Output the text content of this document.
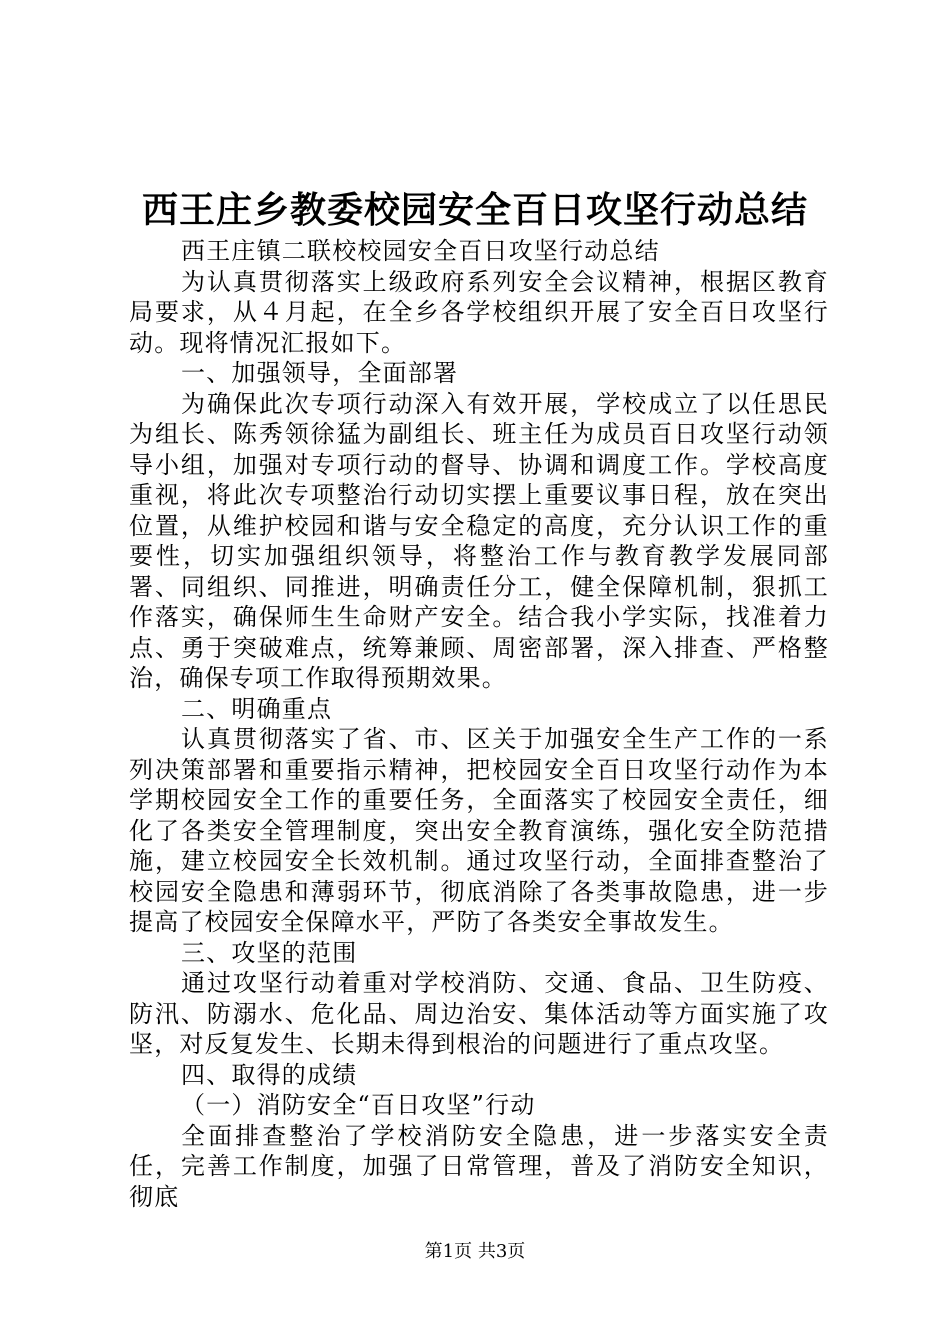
西王庄乡教委校园安全百日攻坚行动总结

西王庄镇二联校校园安全百日攻坚行动总结

为认真贯彻落实上级政府系列安全会议精神，根据区教育局要求，从４月起，在全乡各学校组织开展了安全百日攻坚行动。现将情况汇报如下。

一、加强领导，全面部署

为确保此次专项行动深入有效开展，学校成立了以任思民为组长、陈秀领徐猛为副组长、班主任为成员百日攻坚行动领导小组，加强对专项行动的督导、协调和调度工作。学校高度重视，将此次专项整治行动切实摆上重要议事日程，放在突出位置，从维护校园和谐与安全稳定的高度，充分认识工作的重要性，切实加强组织领导，将整治工作与教育教学发展同部署、同组织、同推进，明确责任分工，健全保障机制，狠抓工作落实，确保师生生命财产安全。结合我小学实际，找准着力点、勇于突破难点，统筹兼顾、周密部署，深入排查、严格整治，确保专项工作取得预期效果。

二、明确重点

认真贯彻落实了省、市、区关于加强安全生产工作的一系列决策部署和重要指示精神，把校园安全百日攻坚行动作为本学期校园安全工作的重要任务，全面落实了校园安全责任，细化了各类安全管理制度，突出安全教育演练，强化安全防范措施，建立校园安全长效机制。通过攻坚行动，全面排查整治了校园安全隐患和薄弱环节，彻底消除了各类事故隐患，进一步提高了校园安全保障水平，严防了各类安全事故发生。

三、攻坚的范围

通过攻坚行动着重对学校消防、交通、食品、卫生防疫、防汛、防溺水、危化品、周边治安、集体活动等方面实施了攻坚，对反复发生、长期未得到根治的问题进行了重点攻坚。

四、取得的成绩

（一）消防安全“百日攻坚”行动

全面排查整治了学校消防安全隐患，进一步落实安全责任，完善工作制度，加强了日常管理，普及了消防安全知识，彻底

第1页 共3页
